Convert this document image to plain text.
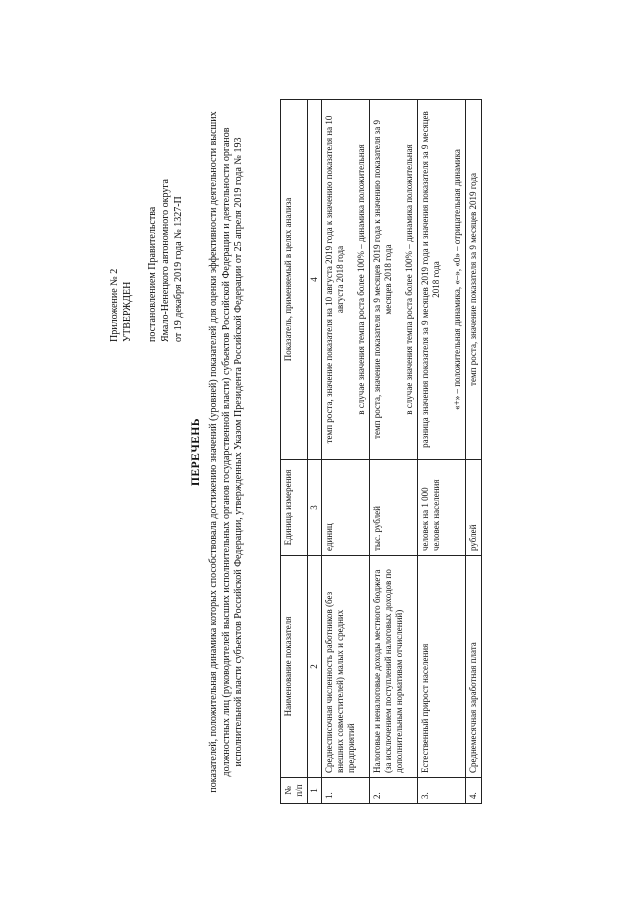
Приложение № 2 УТВЕРЖДЕН постановлением Правительства Ямало-Ненецкого автономного округа от 19 декабря 2019 года № 1327-П
ПЕРЕЧЕНЬ показателей, положительная динамика которых способствовала достижению значений (уровней) показателей для оценки эффективности деятельности высших должностных лиц (руководителей высших исполнительных органов государственной власти) субъектов Российской Федерации и деятельности органов исполнительной власти субъектов Российской Федерации, утвержденных Указом Президента Российской Федерации от 25 апреля 2019 года № 193
№ п/п	Наименование показателя	Единица измерения	Показатель, применяемый в целях анализа
1	2	3	4
1.	Среднесписочная численность работников (без внешних совместителей) малых и средних предприятий	единиц	темп роста, значение показателя на 10 августа 2019 года к значению показателя на 10 августа 2018 года в случае значения темпа роста более 100% – динамика положительная

2.	Налоговые и неналоговые доходы местного бюджета (за исключением поступлений налоговых доходов по дополнительным нормативам отчислений)	тыс. рублей	темп роста, значение показателя за 9 месяцев 2019 года к значению показателя за 9 месяцев 2018 года в случае значения темпа роста более 100% – динамика положительная

3.	Естественный прирост населения	человек на 1 000 человек населения	разница значения показателя за 9 месяцев 2019 года и значения показателя за 9 месяцев 2018 года «+» – положительная динамика, «–», «0» – отрицательная динамика

4.	Среднемесячная заработная плата	рублей	темп роста, значение показателя за 9 месяцев 2019 года
